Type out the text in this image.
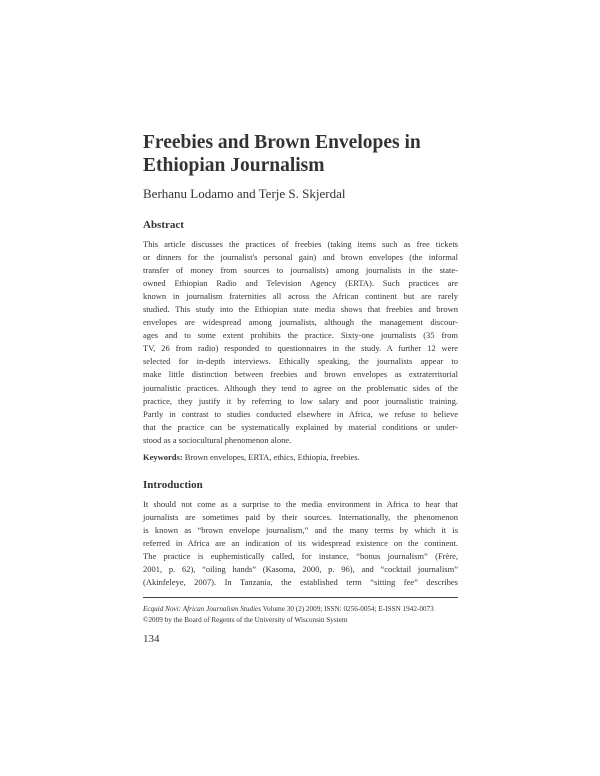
Freebies and Brown Envelopes in
Ethiopian Journalism
Berhanu Lodamo and Terje S. Skjerdal
Abstract
This article discusses the practices of freebies (taking items such as free tickets
or dinners for the journalist's personal gain) and brown envelopes (the informal
transfer of money from sources to journalists) among journalists in the state-
owned Ethiopian Radio and Television Agency (ERTA). Such practices are
known in journalism fraternities all across the African continent but are rarely
studied. This study into the Ethiopian state media shows that freebies and brown
envelopes are widespread among journalists, although the management discour-
ages and to some extent prohibits the practice. Sixty-one journalists (35 from
TV, 26 from radio) responded to questionnaires in the study. A further 12 were
selected for in-depth interviews. Ethically speaking, the journalists appear to
make little distinction between freebies and brown envelopes as extraterritorial
journalistic practices. Although they tend to agree on the problematic sides of the
practice, they justify it by referring to low salary and poor journalistic training.
Partly in contrast to studies conducted elsewhere in Africa, we refuse to believe
that the practice can be systematically explained by material conditions or under-
stood as a sociocultural phenomenon alone.
Keywords: Brown envelopes, ERTA, ethics, Ethiopia, freebies.
Introduction
It should not come as a surprise to the media environment in Africa to hear that
journalists are sometimes paid by their sources. Internationally, the phenomenon
is known as “brown envelope journalism,” and the many terms by which it is
referred in Africa are an indication of its widespread existence on the continent.
The practice is euphemistically called, for instance, “bonus journalism” (Frère,
2001, p. 62), “oiling hands” (Kasoma, 2000, p. 96), and “cocktail journalism”
(Akinfeleye, 2007). In Tanzania, the established term “sitting fee” describes
Ecquid Novi: African Journalism Studies Volume 30 (2) 2009; ISSN: 0256-0054; E-ISSN 1942-0073
©2009 by the Board of Regents of the University of Wisconsin System
134
